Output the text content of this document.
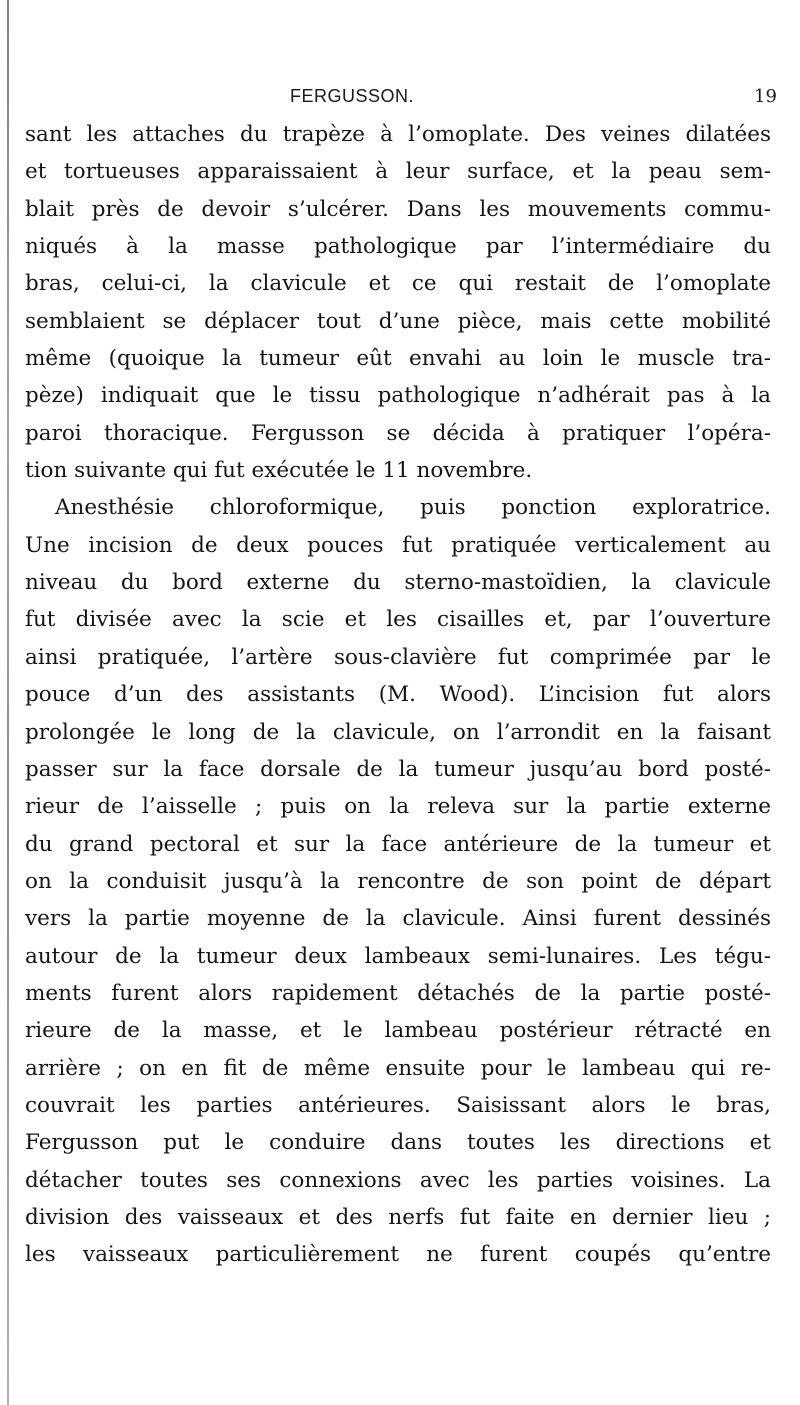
FERGUSSON.	19
sant les attaches du trapèze à l’omoplate. Des veines dilatées
et tortueuses apparaissaient à leur surface, et la peau sem-
blait près de devoir s’ulcérer. Dans les mouvements commu-
niqués à la masse pathologique par l’intermédiaire du
bras, celui-ci, la clavicule et ce qui restait de l’omoplate
semblaient se déplacer tout d’une pièce, mais cette mobilité
même (quoique la tumeur eût envahi au loin le muscle tra-
pèze) indiquait que le tissu pathologique n’adhérait pas à la
paroi thoracique. Fergusson se décida à pratiquer l’opéra-
tion suivante qui fut exécutée le 11 novembre.
Anesthésie chloroformique, puis ponction exploratrice.
Une incision de deux pouces fut pratiquée verticalement au
niveau du bord externe du sterno-mastoïdien, la clavicule
fut divisée avec la scie et les cisailles et, par l’ouverture
ainsi pratiquée, l’artère sous-clavière fut comprimée par le
pouce d’un des assistants (M. Wood). L’incision fut alors
prolongée le long de la clavicule, on l’arrondit en la faisant
passer sur la face dorsale de la tumeur jusqu’au bord posté-
rieur de l’aisselle ; puis on la releva sur la partie externe
du grand pectoral et sur la face antérieure de la tumeur et
on la conduisit jusqu’à la rencontre de son point de départ
vers la partie moyenne de la clavicule. Ainsi furent dessinés
autour de la tumeur deux lambeaux semi-lunaires. Les tégu-
ments furent alors rapidement détachés de la partie posté-
rieure de la masse, et le lambeau postérieur rétracté en
arrière ; on en fit de même ensuite pour le lambeau qui re-
couvrait les parties antérieures. Saisissant alors le bras,
Fergusson put le conduire dans toutes les directions et
détacher toutes ses connexions avec les parties voisines. La
division des vaisseaux et des nerfs fut faite en dernier lieu ;
les vaisseaux particulièrement ne furent coupés qu’entre
